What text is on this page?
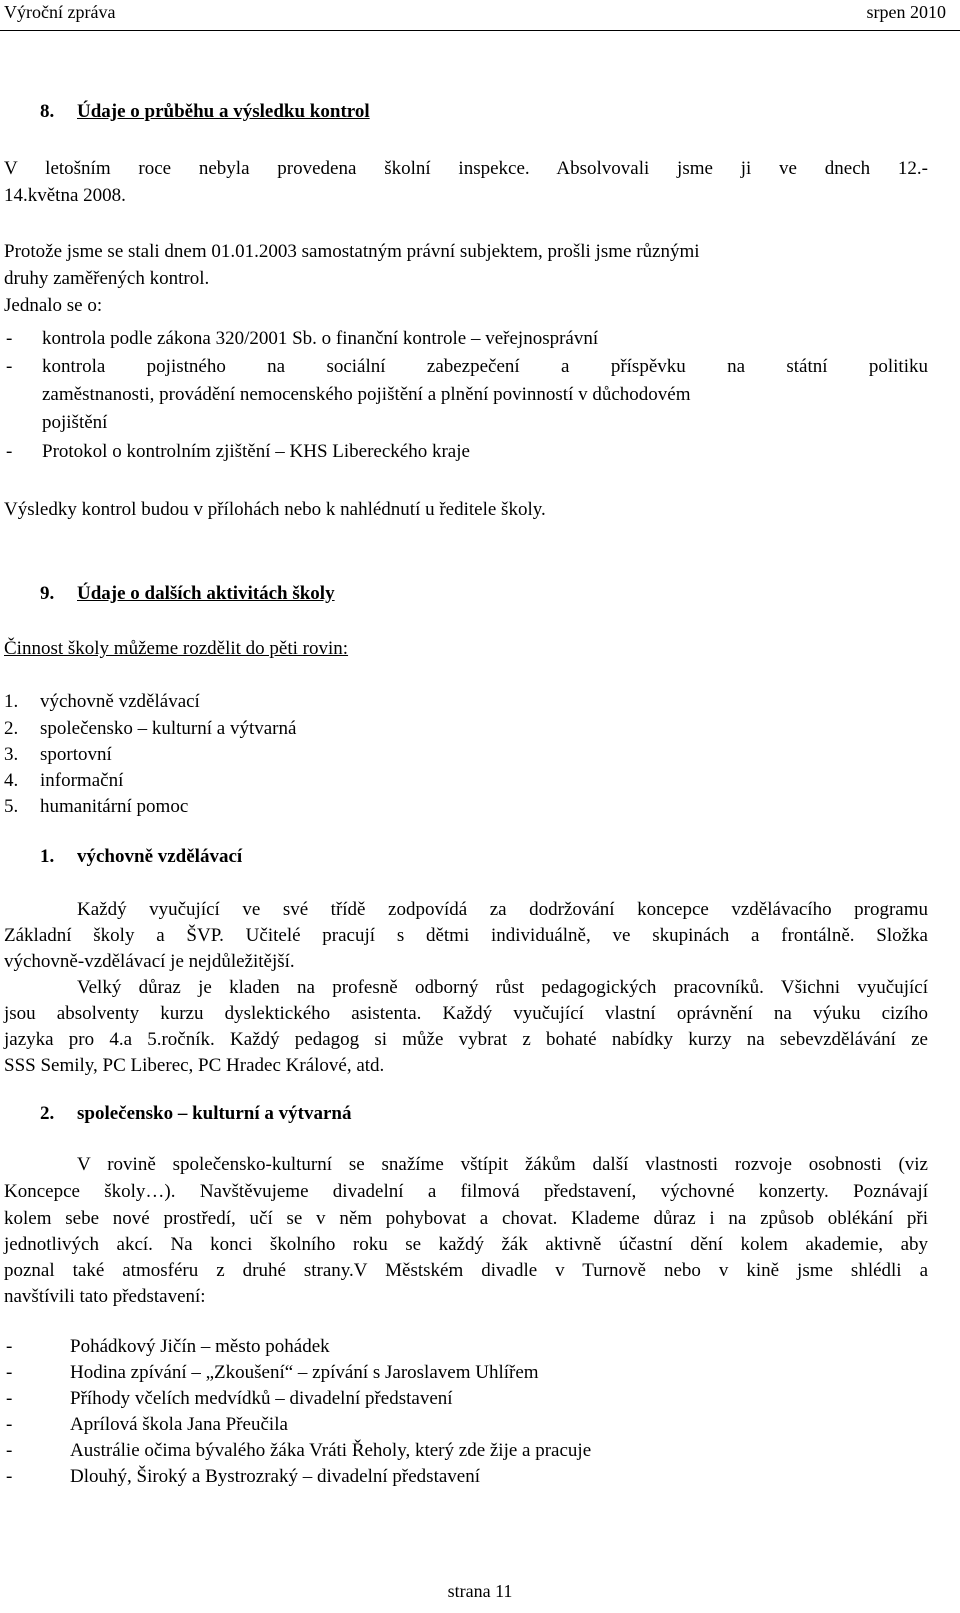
Výroční zpráva	srpen 2010
8. Údaje o průběhu a výsledku kontrol
V letošním roce nebyla provedena školní inspekce. Absolvovali jsme ji ve dnech 12.-
14.května 2008.
Protože jsme se stali dnem 01.01.2003 samostatným právní subjektem, prošli jsme různými
druhy zaměřených kontrol.
Jednalo se o:
- kontrola podle zákona 320/2001 Sb. o finanční kontrole – veřejnosprávní
- kontrola pojistného na sociální zabezpečení a příspěvku na státní politiku
zaměstnanosti, provádění nemocenského pojištění a plnění povinností v důchodovém
pojištění
- Protokol o kontrolním zjištění – KHS Libereckého kraje
Výsledky kontrol budou v přílohách nebo k nahlédnutí u ředitele školy.
9. Údaje o dalších aktivitách školy
Činnost školy můžeme rozdělit do pěti rovin:
1. výchovně vzdělávací
2. společensko – kulturní a výtvarná
3. sportovní
4. informační
5. humanitární pomoc
1. výchovně vzdělávací
Každý vyučující ve své třídě zodpovídá za dodržování koncepce vzdělávacího programu
Základní školy a ŠVP. Učitelé pracují s dětmi individuálně, ve skupinách a frontálně. Složka
výchovně-vzdělávací je nejdůležitější.
Velký důraz je kladen na profesně odborný růst pedagogických pracovníků. Všichni vyučující
jsou absolventy kurzu dyslektického asistenta. Každý vyučující vlastní oprávnění na výuku cizího
jazyka pro 4.a 5.ročník. Každý pedagog si může vybrat z bohaté nabídky kurzy na sebevzdělávání ze
SSS Semily, PC Liberec, PC Hradec Králové, atd.
2. společensko – kulturní a výtvarná
V rovině společensko-kulturní se snažíme vštípit žákům další vlastnosti rozvoje osobnosti (viz
Koncepce školy…). Navštěvujeme divadelní a filmová představení, výchovné konzerty. Poznávají
kolem sebe nové prostředí, učí se v něm pohybovat a chovat. Klademe důraz i na způsob oblékání při
jednotlivých akcí. Na konci školního roku se každý žák aktivně účastní dění kolem akademie, aby
poznal také atmosféru z druhé strany.V Městském divadle v Turnově nebo v kině jsme shlédli a
navštívili tato představení:
-	Pohádkový Jičín – město pohádek
-	Hodina zpívání – „Zkoušení“ – zpívání s Jaroslavem Uhlířem
-	Příhody včelích medvídků – divadelní představení
-	Aprílová škola Jana Přeučila
-	Austrálie očima bývalého žáka Vráti Řeholy, který zde žije a pracuje
-	Dlouhý, Široký a Bystrozraký – divadelní představení
strana 11
